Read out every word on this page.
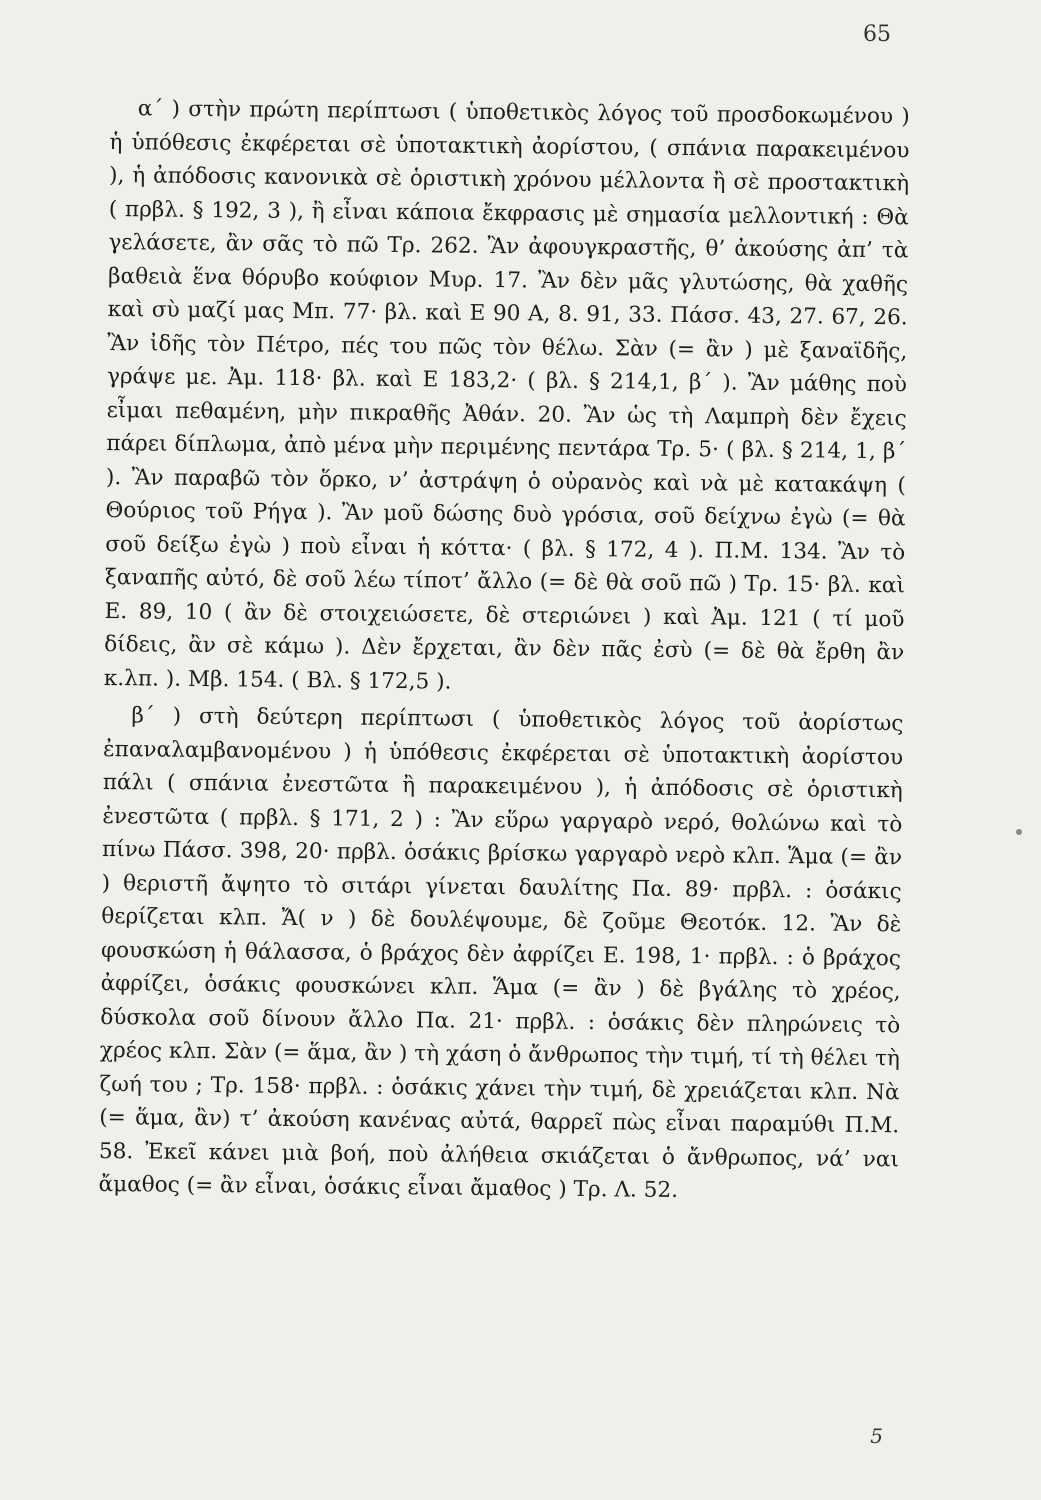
65

α΄ ) στὴν πρώτη περίπτωσι ( ὑποθετικὸς λόγος τοῦ προσδοκωμένου ) ἡ ὑπόθεσις ἐκφέρεται σὲ ὑποτακτικὴ ἀορίστου, ( σπάνια παρακειμένου ), ἡ ἀπόδοσις κανονικὰ σὲ ὁριστικὴ χρόνου μέλλοντα ἢ σὲ προστακτικὴ ( πρβλ. § 192, 3 ), ἢ εἶναι κάποια ἔκφρασις μὲ σημασία μελλοντική : Θὰ γελάσετε, ἂν σᾶς τὸ πῶ Τρ. 262. Ἂν ἀφουγκραστῆς, θ’ ἀκούσης ἀπ’ τὰ βαθειὰ ἕνα θόρυβο κούφιον Μυρ. 17. Ἂν δὲν μᾶς γλυτώσης, θὰ χαθῆς καὶ σὺ μαζί μας Μπ. 77· βλ. καὶ Ε 90 Α, 8. 91, 33. Πάσσ. 43, 27. 67, 26. Ἂν ἰδῆς τὸν Πέτρο, πές του πῶς τὸν θέλω. Σὰν (= ἂν ) μὲ ξαναϊδῆς, γράψε με. Ἀμ. 118· βλ. καὶ Ε 183,2· ( βλ. § 214,1, β΄ ). Ἂν μάθης ποὺ εἶμαι πεθαμένη, μὴν πικραθῆς Ἀθάν. 20. Ἂν ὡς τὴ Λαμπρὴ δὲν ἔχεις πάρει δίπλωμα, ἀπὸ μένα μὴν περιμένης πεντάρα Τρ. 5· ( βλ. § 214, 1, β΄ ). Ἂν παραβῶ τὸν ὅρκο, ν’ ἀστράψη ὁ οὐρανὸς καὶ νὰ μὲ κατακάψη ( Θούριος τοῦ Ρήγα ). Ἂν μοῦ δώσης δυὸ γρόσια, σοῦ δείχνω ἐγὼ (= θὰ σοῦ δείξω ἐγὼ ) ποὺ εἶναι ἡ κόττα· ( βλ. § 172, 4 ). Π.Μ. 134. Ἂν τὸ ξαναπῆς αὐτό, δὲ σοῦ λέω τίποτ’ ἄλλο (= δὲ θὰ σοῦ πῶ ) Τρ. 15· βλ. καὶ Ε. 89, 10 ( ἂν δὲ στοιχειώσετε, δὲ στεριώνει ) καὶ Ἀμ. 121 ( τί μοῦ δίδεις, ἂν σὲ κάμω ). Δὲν ἔρχεται, ἂν δὲν πᾶς ἐσὺ (= δὲ θὰ ἔρθη ἂν κ.λπ. ). Μβ. 154. ( Βλ. § 172,5 ).

β΄ ) στὴ δεύτερη περίπτωσι ( ὑποθετικὸς λόγος τοῦ ἀορίστως ἐπαναλαμβανομένου ) ἡ ὑπόθεσις ἐκφέρεται σὲ ὑποτακτικὴ ἀορίστου πάλι ( σπάνια ἐνεστῶτα ἢ παρακειμένου ), ἡ ἀπόδοσις σὲ ὁριστικὴ ἐνεστῶτα ( πρβλ. § 171, 2 ) : Ἂν εὕρω γαργαρὸ νερό, θολώνω καὶ τὸ πίνω Πάσσ. 398, 20· πρβλ. ὁσάκις βρίσκω γαργαρὸ νερὸ κλπ. Ἅμα (= ἂν ) θεριστῆ ἄψητο τὸ σιτάρι γίνεται δαυλίτης Πα. 89· πρβλ. : ὁσάκις θερίζεται κλπ. Ἄ( ν ) δὲ δουλέψουμε, δὲ ζοῦμε Θεοτόκ. 12. Ἂν δὲ φουσκώση ἡ θάλασσα, ὁ βράχος δὲν ἀφρίζει Ε. 198, 1· πρβλ. : ὁ βράχος ἀφρίζει, ὁσάκις φουσκώνει κλπ. Ἅμα (= ἂν ) δὲ βγάλης τὸ χρέος, δύσκολα σοῦ δίνουν ἄλλο Πα. 21· πρβλ. : ὁσάκις δὲν πληρώνεις τὸ χρέος κλπ. Σὰν (= ἅμα, ἂν ) τὴ χάση ὁ ἄνθρωπος τὴν τιμή, τί τὴ θέλει τὴ ζωή του ; Τρ. 158· πρβλ. : ὁσάκις χάνει τὴν τιμή, δὲ χρειάζεται κλπ. Νὰ (= ἅμα, ἂν) τ’ ἀκούση κανένας αὐτά, θαρρεῖ πὼς εἶναι παραμύθι Π.Μ. 58. Ἐκεῖ κάνει μιὰ βοή, ποὺ ἀλήθεια σκιάζεται ὁ ἄνθρωπος, νά’ ναι ἄμαθος (= ἂν εἶναι, ὁσάκις εἶναι ἄμαθος ) Τρ. Λ. 52.

5
